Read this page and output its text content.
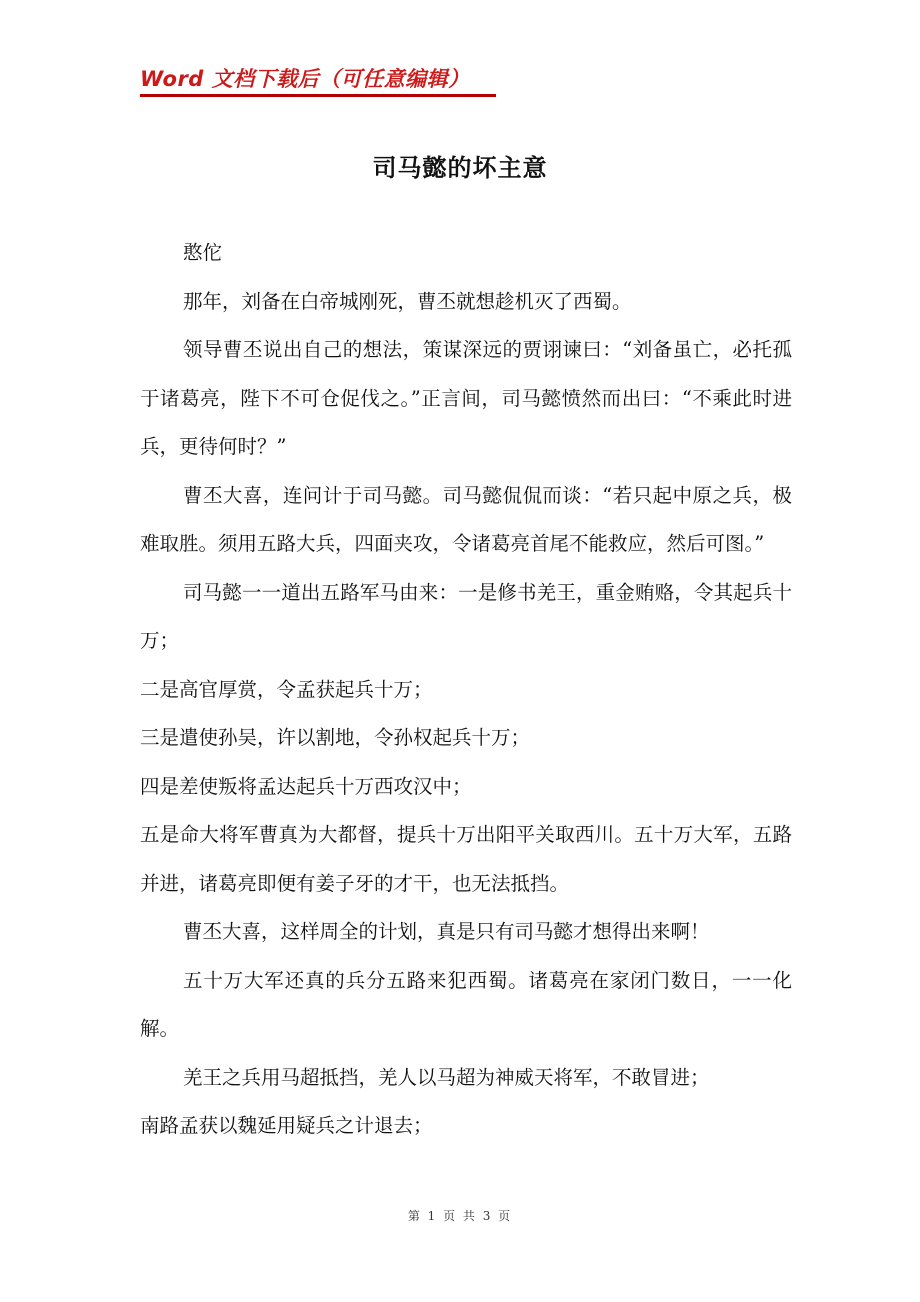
Word 文档下载后（可任意编辑）
司马懿的坏主意

憨佗

那年，刘备在白帝城刚死，曹丕就想趁机灭了西蜀。

领导曹丕说出自己的想法，策谋深远的贾诩谏曰：“刘备虽亡，必托孤于诸葛亮，陛下不可仓促伐之。”正言间，司马懿愤然而出曰：“不乘此时进兵，更待何时？”

曹丕大喜，连问计于司马懿。司马懿侃侃而谈：“若只起中原之兵，极难取胜。须用五路大兵，四面夹攻，令诸葛亮首尾不能救应，然后可图。”

司马懿一一道出五路军马由来：一是修书羌王，重金贿赂，令其起兵十万；

二是高官厚赏，令孟获起兵十万；

三是遣使孙吴，许以割地，令孙权起兵十万；

四是差使叛将孟达起兵十万西攻汉中；

五是命大将军曹真为大都督，提兵十万出阳平关取西川。五十万大军，五路并进，诸葛亮即便有姜子牙的才干，也无法抵挡。

曹丕大喜，这样周全的计划，真是只有司马懿才想得出来啊！

五十万大军还真的兵分五路来犯西蜀。诸葛亮在家闭门数日，一一化解。

羌王之兵用马超抵挡，羌人以马超为神威天将军，不敢冒进；

南路孟获以魏延用疑兵之计退去；

第 1 页 共 3 页
